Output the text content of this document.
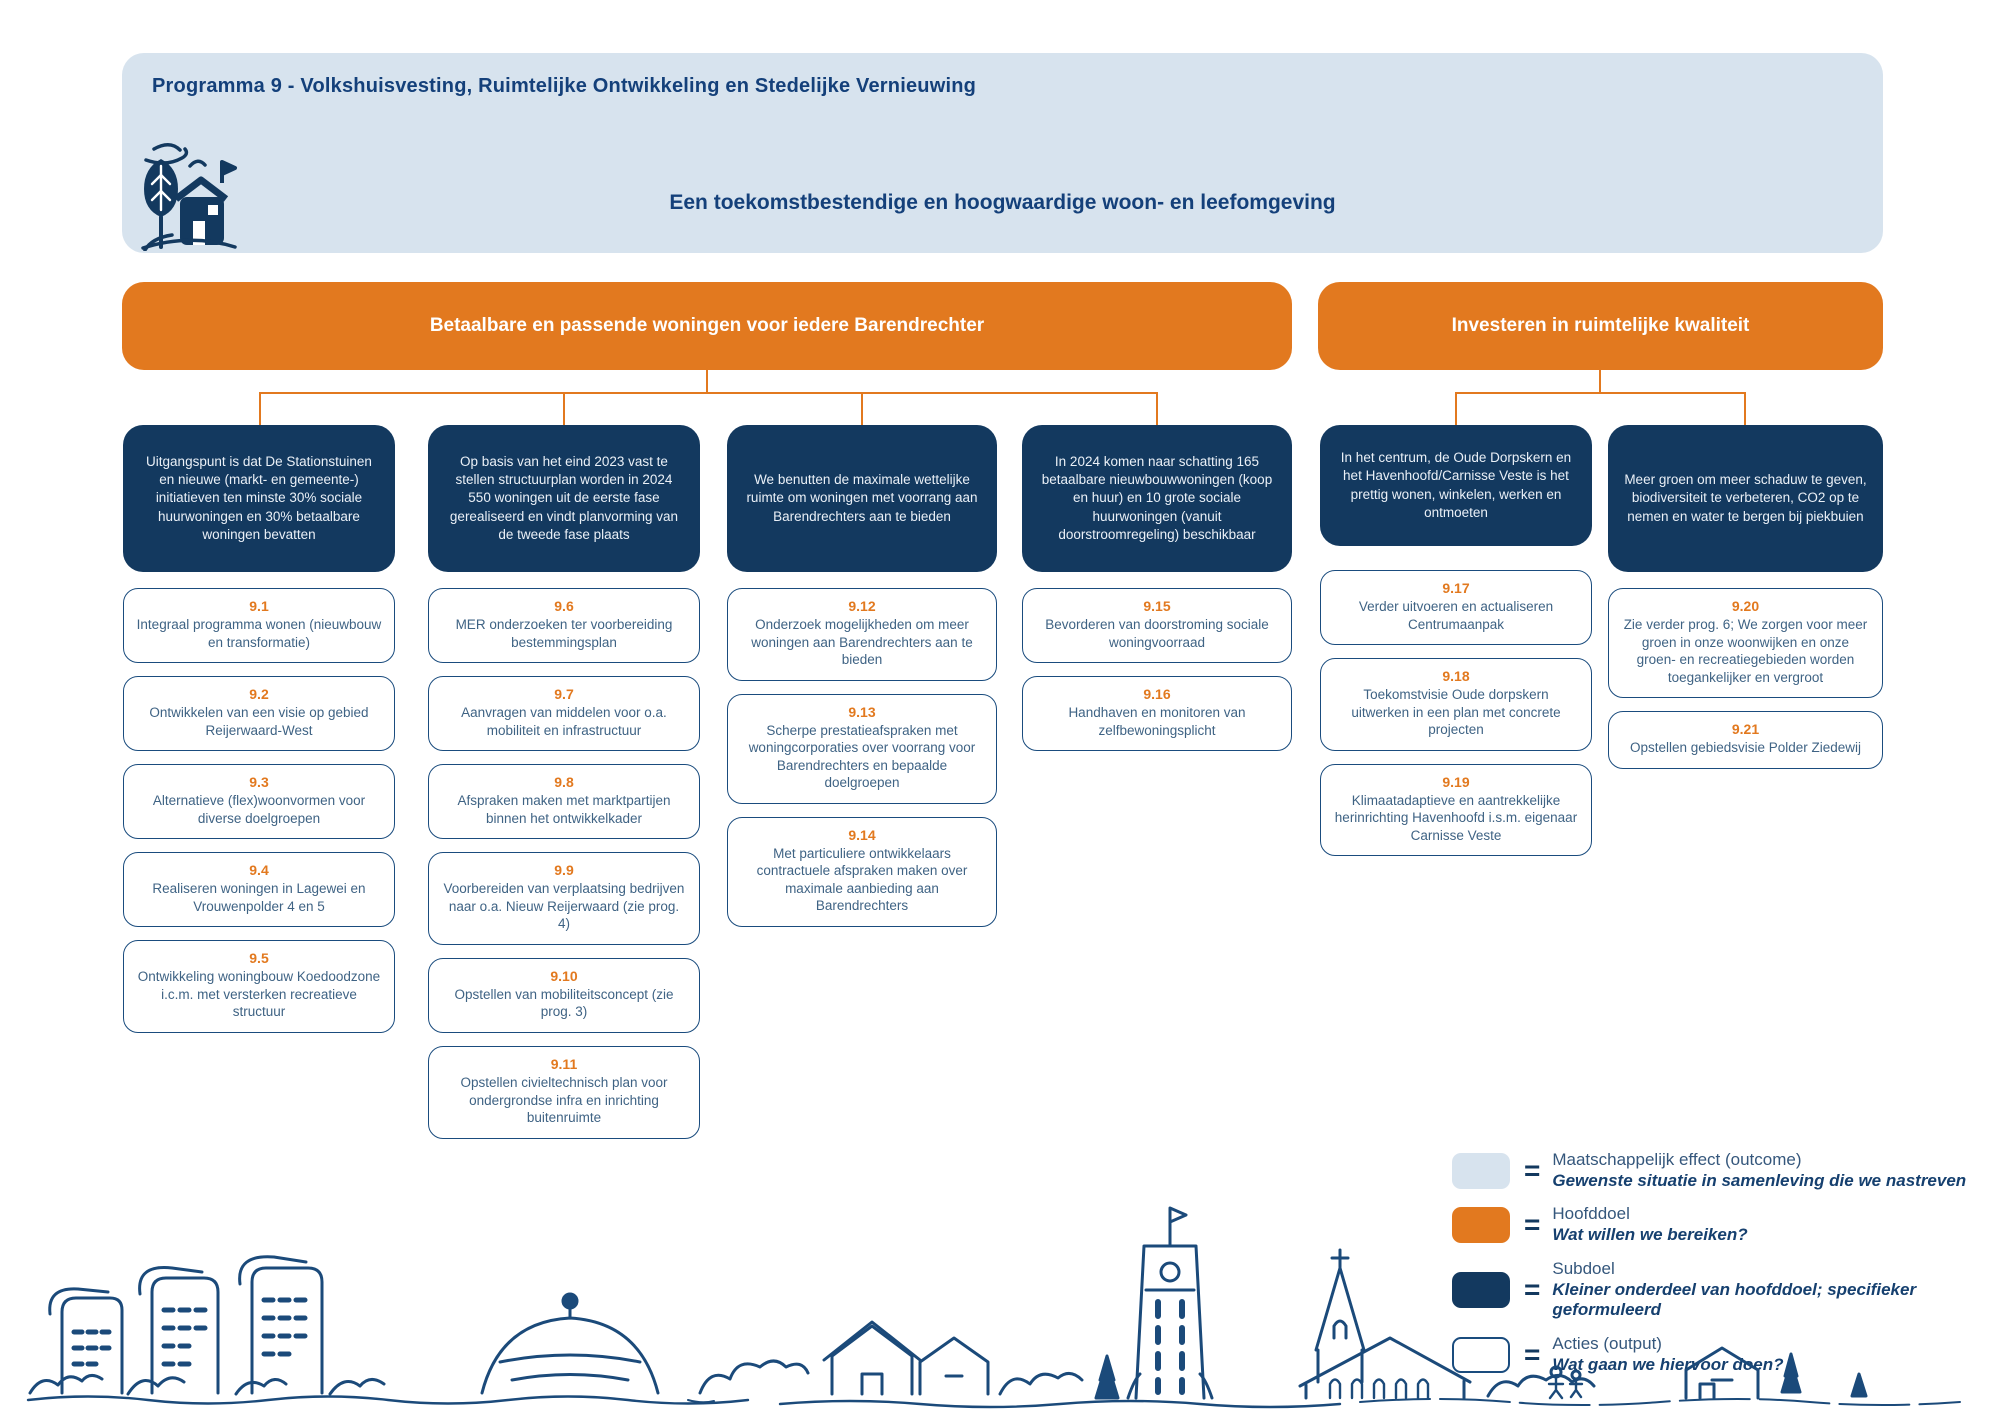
Programma 9 - Volkshuisvesting, Ruimtelijke Ontwikkeling en Stedelijke Vernieuwing
Een toekomstbestendige en hoogwaardige woon- en leefomgeving
Betaalbare en passende woningen voor iedere Barendrechter	Investeren in ruimtelijke kwaliteit
Uitgangspunt is dat De Stationstuinen en nieuwe (markt- en gemeente-) initiatieven ten minste 30% sociale huurwoningen en 30% betaalbare woningen bevatten
9.1
Integraal programma wonen (nieuwbouw en transformatie)
9.2
Ontwikkelen van een visie op gebied Reijerwaard-West
9.3
Alternatieve (flex)woonvormen voor diverse doelgroepen
9.4
Realiseren woningen in Lagewei en Vrouwenpolder 4 en 5
9.5
Ontwikkeling woningbouw Koedoodzone i.c.m. met versterken recreatieve structuur
Op basis van het eind 2023 vast te stellen structuurplan worden in 2024 550 woningen uit de eerste fase gerealiseerd en vindt planvorming van de tweede fase plaats
9.6
MER onderzoeken ter voorbereiding bestemmingsplan
9.7
Aanvragen van middelen voor o.a. mobiliteit en infrastructuur
9.8
Afspraken maken met marktpartijen binnen het ontwikkelkader
9.9
Voorbereiden van verplaatsing bedrijven naar o.a. Nieuw Reijerwaard (zie prog. 4)
9.10
Opstellen van mobiliteitsconcept (zie prog. 3)
9.11
Opstellen civieltechnisch plan voor ondergrondse infra en inrichting buitenruimte
We benutten de maximale wettelijke ruimte om woningen met voorrang aan Barendrechters aan te bieden
9.12
Onderzoek mogelijkheden om meer woningen aan Barendrechters aan te bieden
9.13
Scherpe prestatieafspraken met woningcorporaties over voorrang voor Barendrechters en bepaalde doelgroepen
9.14
Met particuliere ontwikkelaars contractuele afspraken maken over maximale aanbieding aan Barendrechters
In 2024 komen naar schatting 165 betaalbare nieuwbouwwoningen (koop en huur) en 10 grote sociale huurwoningen (vanuit doorstroomregeling) beschikbaar
9.15
Bevorderen van doorstroming sociale woningvoorraad
9.16
Handhaven en monitoren van zelfbewoningsplicht
In het centrum, de Oude Dorpskern en het Havenhoofd/Carnisse Veste is het prettig wonen, winkelen, werken en ontmoeten
9.17
Verder uitvoeren en actualiseren Centrumaanpak
9.18
Toekomstvisie Oude dorpskern uitwerken in een plan met concrete projecten
9.19
Klimaatadaptieve en aantrekkelijke herinrichting Havenhoofd i.s.m. eigenaar Carnisse Veste
Meer groen om meer schaduw te geven, biodiversiteit te verbeteren, CO2 op te nemen en water te bergen bij piekbuien
9.20
Zie verder prog. 6; We zorgen voor meer groen in onze woonwijken en onze groen- en recreatiegebieden worden toegankelijker en vergroot
9.21
Opstellen gebiedsvisie Polder Ziedewij
=
Maatschappelijk effect (outcome)
Gewenste situatie in samenleving die we nastreven
=
Hoofddoel
Wat willen we bereiken?
=
Subdoel
Kleiner onderdeel van hoofddoel; specifieker geformuleerd
=
Acties (output)
Wat gaan we hiervoor doen?
